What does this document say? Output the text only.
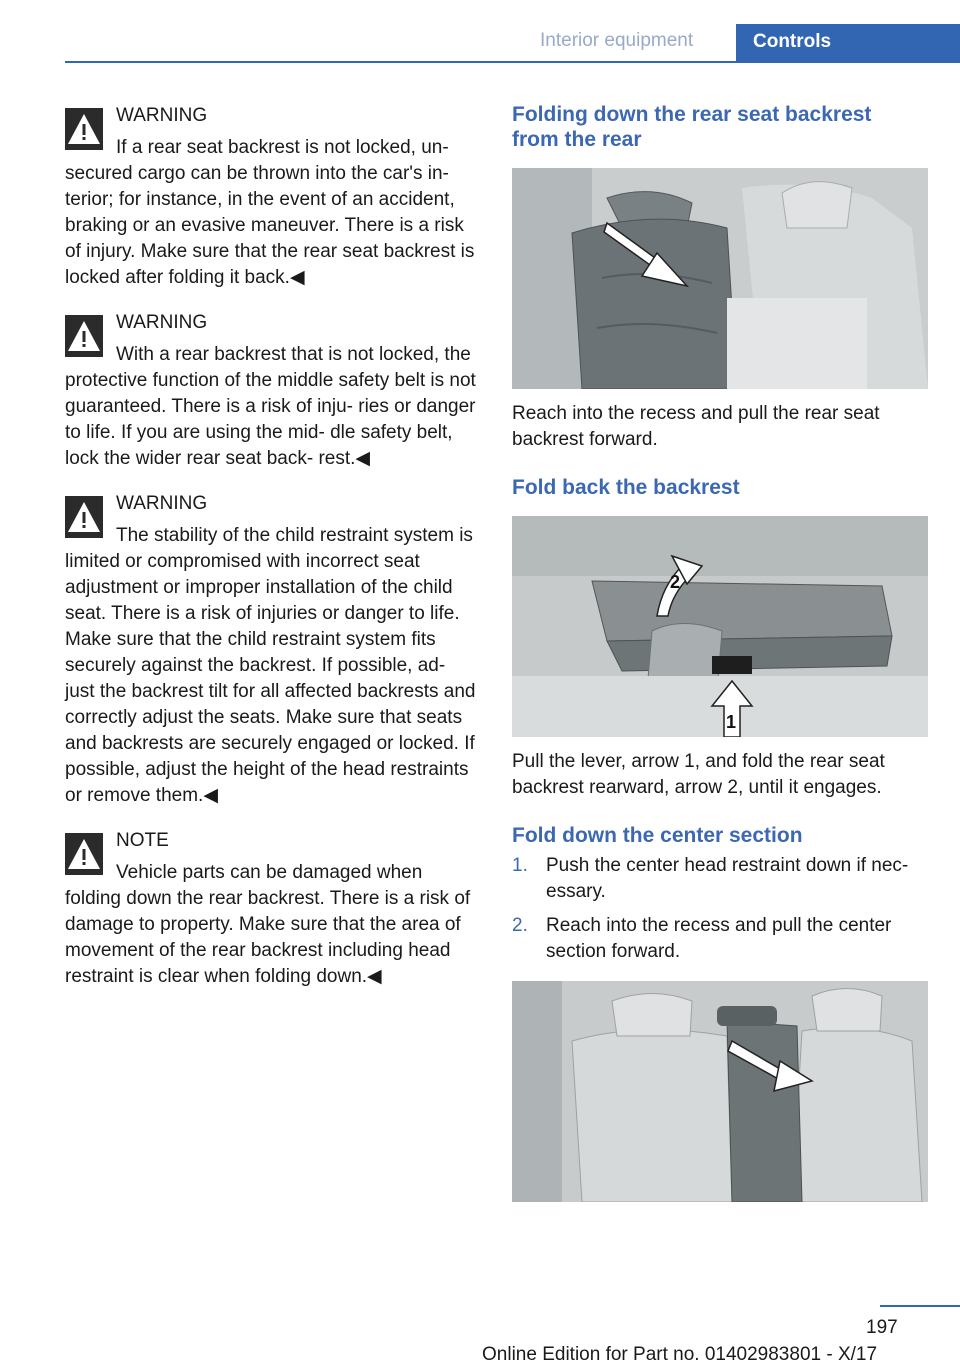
Interior equipment	Controls
WARNING
If a rear seat backrest is not locked, un- secured cargo can be thrown into the car's in- terior; for instance, in the event of an accident, braking or an evasive maneuver. There is a risk of injury. Make sure that the rear seat backrest is locked after folding it back.◀
WARNING
With a rear backrest that is not locked, the protective function of the middle safety belt is not guaranteed. There is a risk of inju- ries or danger to life. If you are using the mid- dle safety belt, lock the wider rear seat back- rest.◀
WARNING
The stability of the child restraint system is limited or compromised with incorrect seat adjustment or improper installation of the child seat. There is a risk of injuries or danger to life. Make sure that the child restraint system fits securely against the backrest. If possible, ad- just the backrest tilt for all affected backrests and correctly adjust the seats. Make sure that seats and backrests are securely engaged or locked. If possible, adjust the height of the head restraints or remove them.◀
NOTE
Vehicle parts can be damaged when folding down the rear backrest. There is a risk of damage to property. Make sure that the area of movement of the rear backrest including head restraint is clear when folding down.◀
Folding down the rear seat backrest from the rear

Reach into the recess and pull the rear seat backrest forward.

Fold back the backrest
2
1

Pull the lever, arrow 1, and fold the rear seat backrest rearward, arrow 2, until it engages.

Fold down the center section
1. Push the center head restraint down if nec- essary.
2. Reach into the recess and pull the center section forward.
197
Online Edition for Part no. 01402983801 - X/17
